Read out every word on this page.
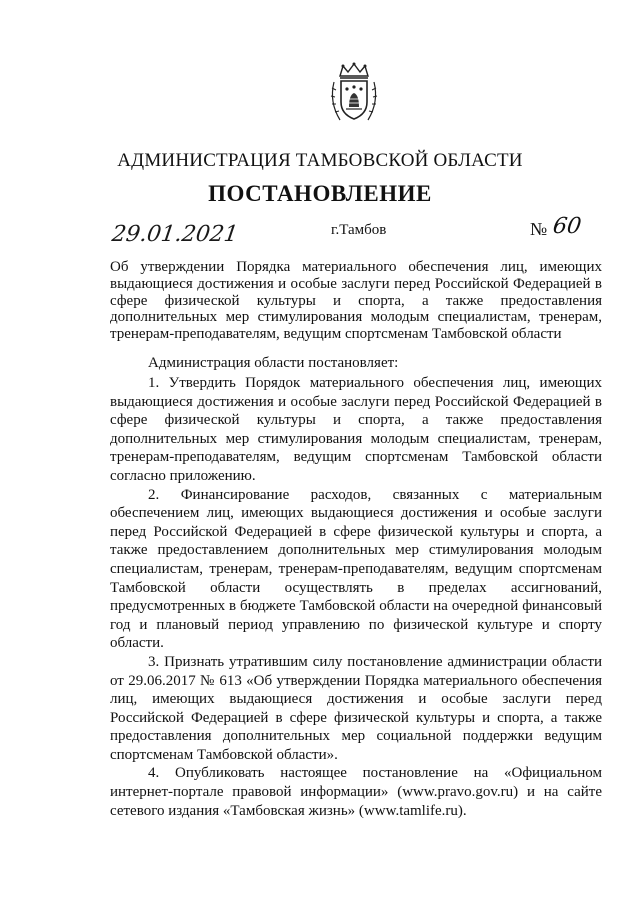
АДМИНИСТРАЦИЯ ТАМБОВСКОЙ ОБЛАСТИ
ПОСТАНОВЛЕНИЕ
29.01.2021	г.Тамбов	№ 60
Об утверждении Порядка материального обеспечения лиц, имеющих выдающиеся достижения и особые заслуги перед Российской Федерацией в сфере физической культуры и спорта, а также предоставления дополнительных мер стимулирования молодым специалистам, тренерам, тренерам-преподавателям, ведущим спортсменам Тамбовской области
Администрация области постановляет:

1. Утвердить Порядок материального обеспечения лиц, имеющих выдающиеся достижения и особые заслуги перед Российской Федерацией в сфере физической культуры и спорта, а также предоставления дополнительных мер стимулирования молодым специалистам, тренерам, тренерам-преподавателям, ведущим спортсменам Тамбовской области согласно приложению.

2. Финансирование расходов, связанных с материальным обеспечением лиц, имеющих выдающиеся достижения и особые заслуги перед Российской Федерацией в сфере физической культуры и спорта, а также предоставлением дополнительных мер стимулирования молодым специалистам, тренерам, тренерам-преподавателям, ведущим спортсменам Тамбовской области осуществлять в пределах ассигнований, предусмотренных в бюджете Тамбовской области на очередной финансовый год и плановый период управлению по физической культуре и спорту области.

3. Признать утратившим силу постановление администрации области от 29.06.2017 № 613 «Об утверждении Порядка материального обеспечения лиц, имеющих выдающиеся достижения и особые заслуги перед Российской Федерацией в сфере физической культуры и спорта, а также предоставления дополнительных мер социальной поддержки ведущим спортсменам Тамбовской области».

4. Опубликовать настоящее постановление на «Официальном интернет-портале правовой информации» (www.pravo.gov.ru) и на сайте сетевого издания «Тамбовская жизнь» (www.tamlife.ru).
